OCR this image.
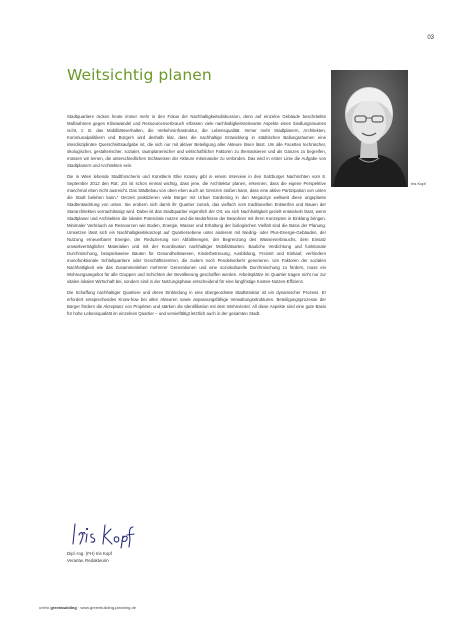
03
Weitsichtig planen
Iris Kopf

Stadtquartiere rücken heute immer mehr in den Fokus der Nachhaltigkeitsdiskussion, denn auf einzelne Gebäude beschränkte Maßnahmen gegen Klimawandel und Ressourcenverbrauch erfassen viele nachhaltigkeitsrelevante Aspekte eines Siedlungsraumes nicht, z. B. das Mobilitätsverhalten, die Verkehrsinfrastruktur, die Lebensqualität. Immer mehr Stadtplanern, Architekten, Kommunalpolitikern und Bürgern wird deshalb klar, dass die nachhaltige Entwicklung in städtischen Ballungsräumen eine interdisziplinäre Querschnittsaufgabe ist, die sich nur mit aktiver Beteiligung aller Akteure lösen lässt. Um alle Facetten technischer, ökologischer, gestalterischer, sozialer, raumplanerischer und wirtschaftlicher Faktoren zu thematisieren und als Ganzes zu begreifen, müssen wir lernen, die unterschiedlichen Sichtweisen der Akteure miteinander zu verbinden. Das wird in erster Linie die Aufgabe von Stadtplanern und Architekten sein.

Die in Wien lebende Stadtforscherin und Künstlerin Elke Krasny gibt in einem Interview in den Salzburger Nachrichten vom 8. September 2012 den Rat: „Es ist schon einmal wichtig, dass jene, die Architektur planen, erkennen, dass die eigene Perspektive manchmal eben nicht ausreicht. Das Städtebau von oben eben auch an Grenzen stoßen kann, dass eine aktive Partizipation von unten die Stadt beleben kann.“ Derzeit praktizieren viele Bürger mit Urban Gardening in den Megacitys weltweit diese ungeplante Stadtentwicklung von unten. Sie erobern sich damit ihr Quartier zurück, das vielfach vom traditionellen Entwerfen und Bauen der Stararchitekten vernachlässigt wird. Dabei ist das Stadtquartier eigentlich der Ort, wo sich Nachhaltigkeit gezielt entwickeln lässt, wenn Stadtplaner und Architekten die lokalen Potenziale nutzen und die Bedürfnisse der Bewohner mit ihren Konzepten in Einklang bringen. Minimaler Verbrauch an Ressourcen wie Boden, Energie, Wasser und Erhaltung der biologischen Vielfalt sind die Basis der Planung. Umsetzen lässt sich ein Nachhaltigkeitskonzept auf Quartiersebene unter anderem mit Niedrig- oder Plus-Energie-Gebäuden, der Nutzung erneuerbarer Energie, der Reduzierung von Abfallmengen, der Begrenzung des Wasserverbrauchs, dem Einsatz umweltverträglicher Materialien und mit der Koordination nachhaltiger Mobilitätsarten. Bauliche Verdichtung und funktionale Durchmischung, beispielsweise Bauten für Gesundheitswesen, Kinderbetreuung, Ausbildung, Freizeit und Einkauf, verhindern monofunktionale Schlafquartiere oder Geschäftszentren, die zudem noch Pendelverkehr generieren. Um Faktoren der sozialen Nachhaltigkeit wie das Zusammenleben mehrerer Generationen und eine soziokulturelle Durchmischung zu fördern, muss ein Wohnungsangebot für alle Gruppen und Schichten der Bevölkerung geschaffen werden. Arbeitsplätze im Quartier tragen nicht nur zur vitalen lokalen Wirtschaft bei, sondern sind in der Nutzungsphase entscheidend für eine langfristige Kosten-Nutzen-Effizienz.

Die Schaffung nachhaltiger Quartiere und deren Einbindung in eine übergeordnete Stadtstruktur ist ein dynamischer Prozess. Er erfordert entsprechendes Know-how bei allen Akteuren sowie anpassungsfähige Verwaltungsstrukturen. Beteiligungsprozesse der Bürger fördern die Akzeptanz von Projekten und stärken die Identifikation mit dem Wohnviertel. All diese Aspekte sind eine gute Basis für hohe Lebensqualität im einzelnen Quartier – und vervielfältigt letztlich auch in der gesamten Stadt.

Dipl.-Ing. (FH) Iris Kopf
Verantw. Redakteurin
ortho greenbuilding · www.greenbuilding-planning.de
